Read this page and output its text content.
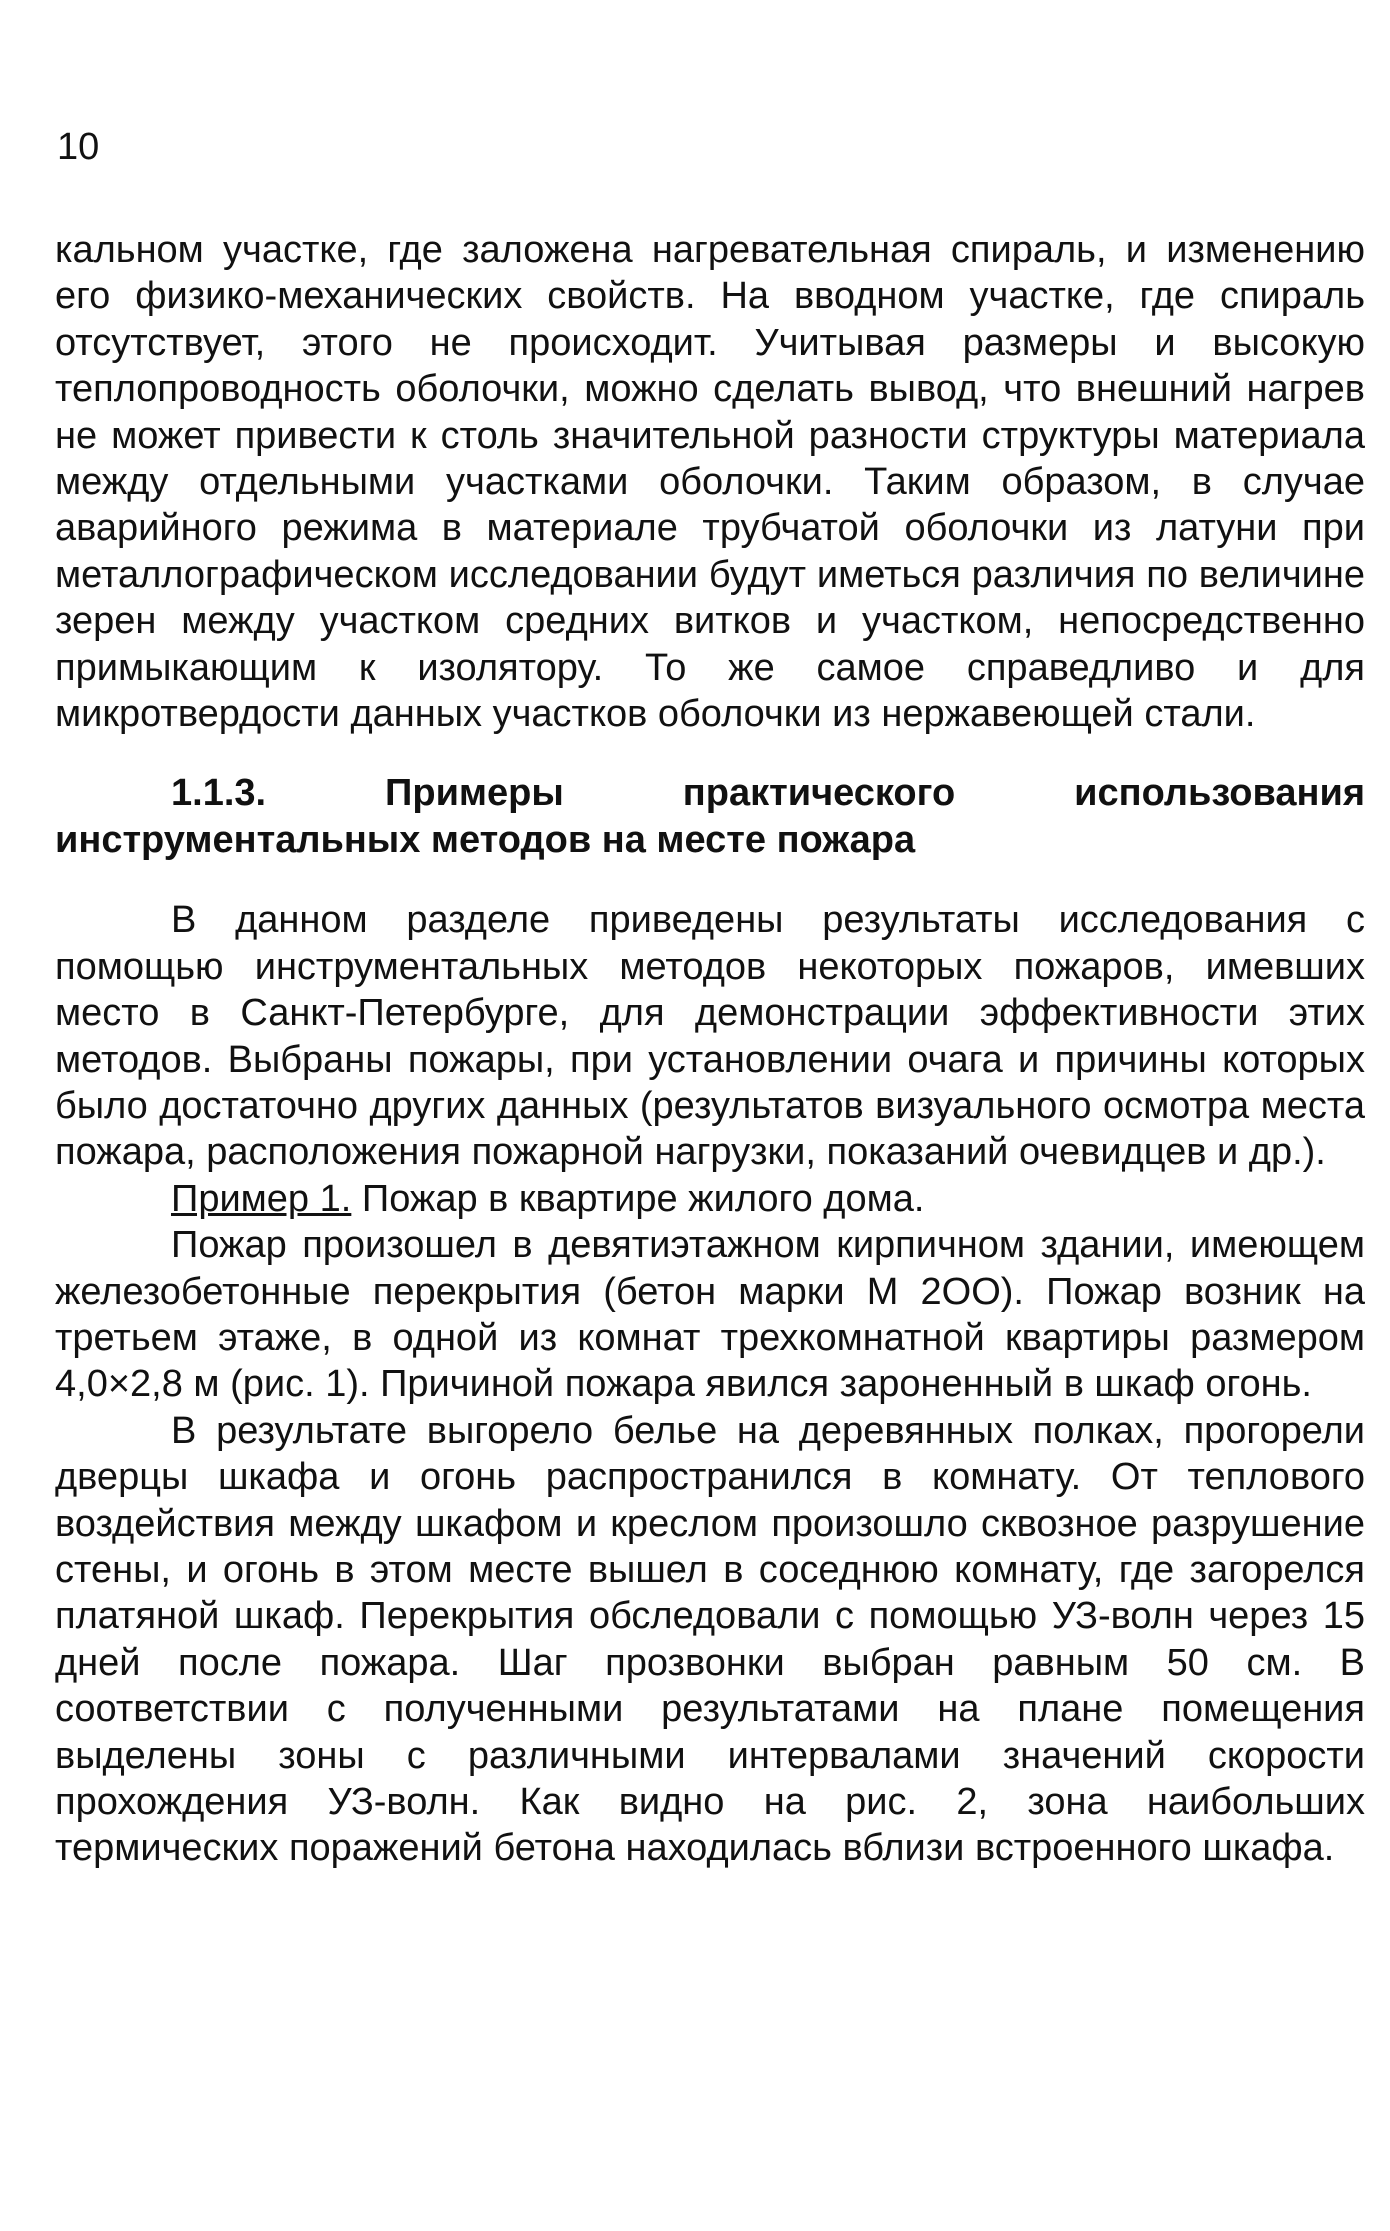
10

кальном участке, где заложена нагревательная спираль, и изменению его физико-механических свойств. На вводном участке, где спираль отсутствует, этого не происходит. Учитывая размеры и высокую теплопроводность оболочки, можно сделать вывод, что внешний нагрев не может привести к столь значительной разности структуры материала между отдельными участками оболочки. Таким образом, в случае аварийного режима в материале трубчатой оболочки из латуни при металлографическом исследовании будут иметься различия по величине зерен между участком средних витков и участком, непосредственно примыкающим к изолятору. То же самое справедливо и для микротвердости данных участков оболочки из нержавеющей стали.

1.1.3. Примеры практического использования инструментальных методов на месте пожара

В данном разделе приведены результаты исследования с помощью инструментальных методов некоторых пожаров, имевших место в Санкт-Петербурге, для демонстрации эффективности этих методов. Выбраны пожары, при установлении очага и причины которых было достаточно других данных (результатов визуального осмотра места пожара, расположения пожарной нагрузки, показаний очевидцев и др.).

Пример 1. Пожар в квартире жилого дома.

Пожар произошел в девятиэтажном кирпичном здании, имеющем железобетонные перекрытия (бетон марки М 2ОО). Пожар возник на третьем этаже, в одной из комнат трехкомнатной квартиры размером 4,0×2,8 м (рис. 1). Причиной пожара явился зароненный в шкаф огонь.

В результате выгорело белье на деревянных полках, прогорели дверцы шкафа и огонь распространился в комнату. От теплового воздействия между шкафом и креслом произошло сквозное разрушение стены, и огонь в этом месте вышел в соседнюю комнату, где загорелся платяной шкаф. Перекрытия обследовали с помощью УЗ-волн через 15 дней после пожара. Шаг прозвонки выбран равным 50 см. В соответствии с полученными результатами на плане помещения выделены зоны с различными интервалами значений скорости прохождения УЗ-волн. Как видно на рис. 2, зона наибольших термических поражений бетона находилась вблизи встроенного шкафа.
